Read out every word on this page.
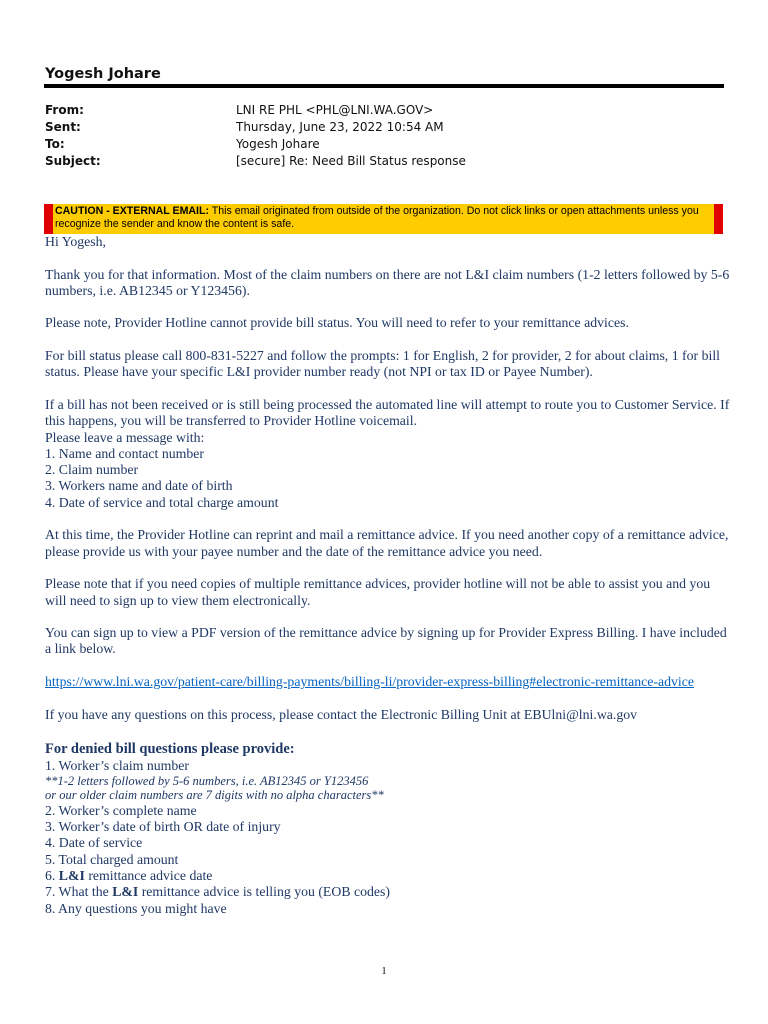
Yogesh Johare
From:	LNI RE PHL <PHL@LNI.WA.GOV>
Sent:	Thursday, June 23, 2022 10:54 AM
To:	Yogesh Johare
Subject:	[secure] Re: Need Bill Status response
CAUTION - EXTERNAL EMAIL: This email originated from outside of the organization. Do not click links or open attachments unless you recognize the sender and know the content is safe.

Hi Yogesh,

Thank you for that information. Most of the claim numbers on there are not L&I claim numbers (1-2 letters followed by 5-6 numbers, i.e. AB12345 or Y123456).

Please note, Provider Hotline cannot provide bill status. You will need to refer to your remittance advices.

For bill status please call 800-831-5227 and follow the prompts: 1 for English, 2 for provider, 2 for about claims, 1 for bill status. Please have your specific L&I provider number ready (not NPI or tax ID or Payee Number).

If a bill has not been received or is still being processed the automated line will attempt to route you to Customer Service. If this happens, you will be transferred to Provider Hotline voicemail.

Please leave a message with:

1. Name and contact number

2. Claim number

3. Workers name and date of birth

4. Date of service and total charge amount

At this time, the Provider Hotline can reprint and mail a remittance advice. If you need another copy of a remittance advice, please provide us with your payee number and the date of the remittance advice you need.

Please note that if you need copies of multiple remittance advices, provider hotline will not be able to assist you and you will need to sign up to view them electronically.

You can sign up to view a PDF version of the remittance advice by signing up for Provider Express Billing. I have included a link below.

https://www.lni.wa.gov/patient-care/billing-payments/billing-li/provider-express-billing#electronic-remittance-advice

If you have any questions on this process, please contact the Electronic Billing Unit at EBUlni@lni.wa.gov

For denied bill questions please provide:

1. Worker’s claim number

**1-2 letters followed by 5-6 numbers, i.e. AB12345 or Y123456

or our older claim numbers are 7 digits with no alpha characters**

2. Worker’s complete name

3. Worker’s date of birth OR date of injury

4. Date of service

5. Total charged amount

6. L&I remittance advice date

7. What the L&I remittance advice is telling you (EOB codes)

8. Any questions you might have

1
